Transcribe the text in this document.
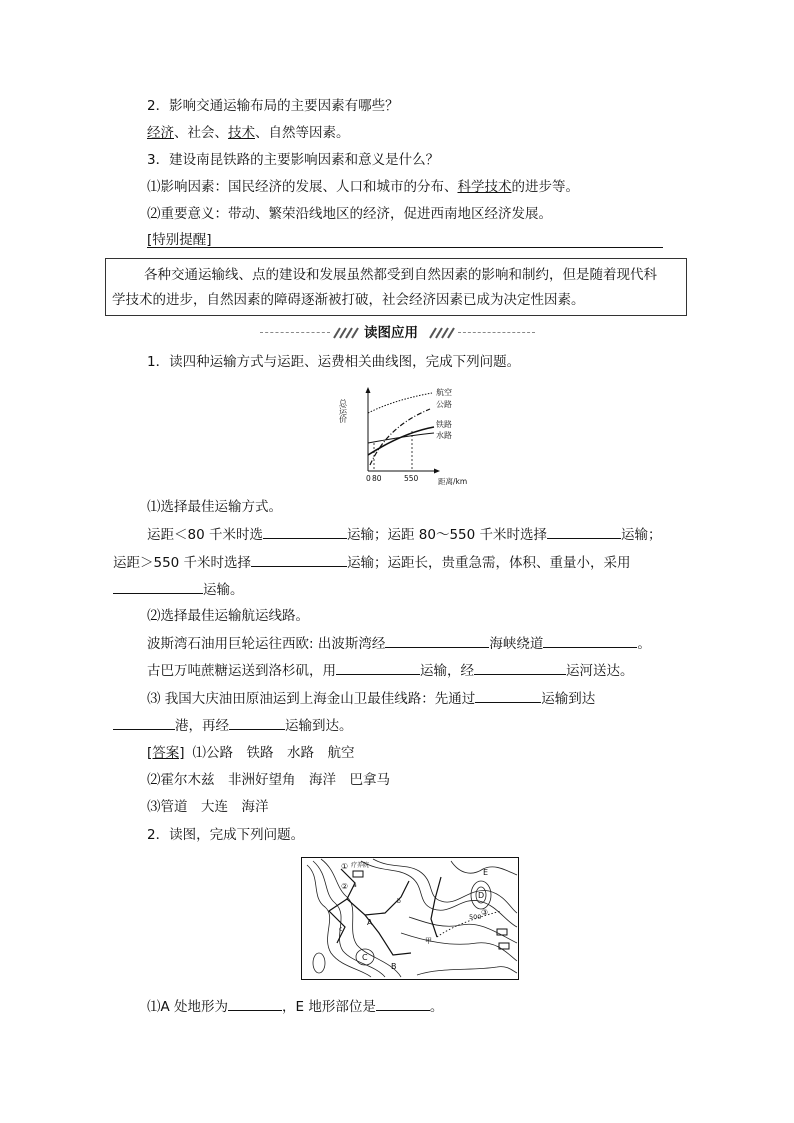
2．影响交通运输布局的主要因素有哪些？
经济、社会、技术、自然等因素。
3．建设南昆铁路的主要影响因素和意义是什么？
⑴影响因素：国民经济的发展、人口和城市的分布、科学技术的进步等。
⑵重要意义：带动、繁荣沿线地区的经济，促进西南地区经济发展。
[特别提醒]
各种交通运输线、点的建设和发展虽然都受到自然因素的影响和制约，但是随着现代科
学技术的进步，自然因素的障碍逐渐被打破，社会经济因素已成为决定性因素。
读图应用
1．读四种运输方式与运距、运费相关曲线图，完成下列问题。
总运价
航空
公路
铁路
水路
0 80	550	距离/km
⑴选择最佳运输方式。
运距＜80 千米时选	运输；运距 80～550 千米时选择	运输；
运距＞550 千米时选择	运输；运距长，贵重急需，体积、重量小，采用
运输。
⑵选择最佳运输航运线路。
波斯湾石油用巨轮运往西欧: 出波斯湾经	海峡绕道	。
古巴万吨蔗糖运送到洛杉矶，用	运输，经	运河送达。
⑶ 我国大庆油田原油运到上海金山卫最佳线路：先通过	运输到达
港，再经	运输到达。
[答案] ⑴公路　铁路　水路　航空
⑵霍尔木兹　非洲好望角　海洋　巴拿马
⑶管道　大连　海洋
2．读图，完成下列问题。
① 疗养院
② a
b
c
A
B
C
D
E
500 ③
甲
⑴A 处地形为	，E 地形部位是	。
